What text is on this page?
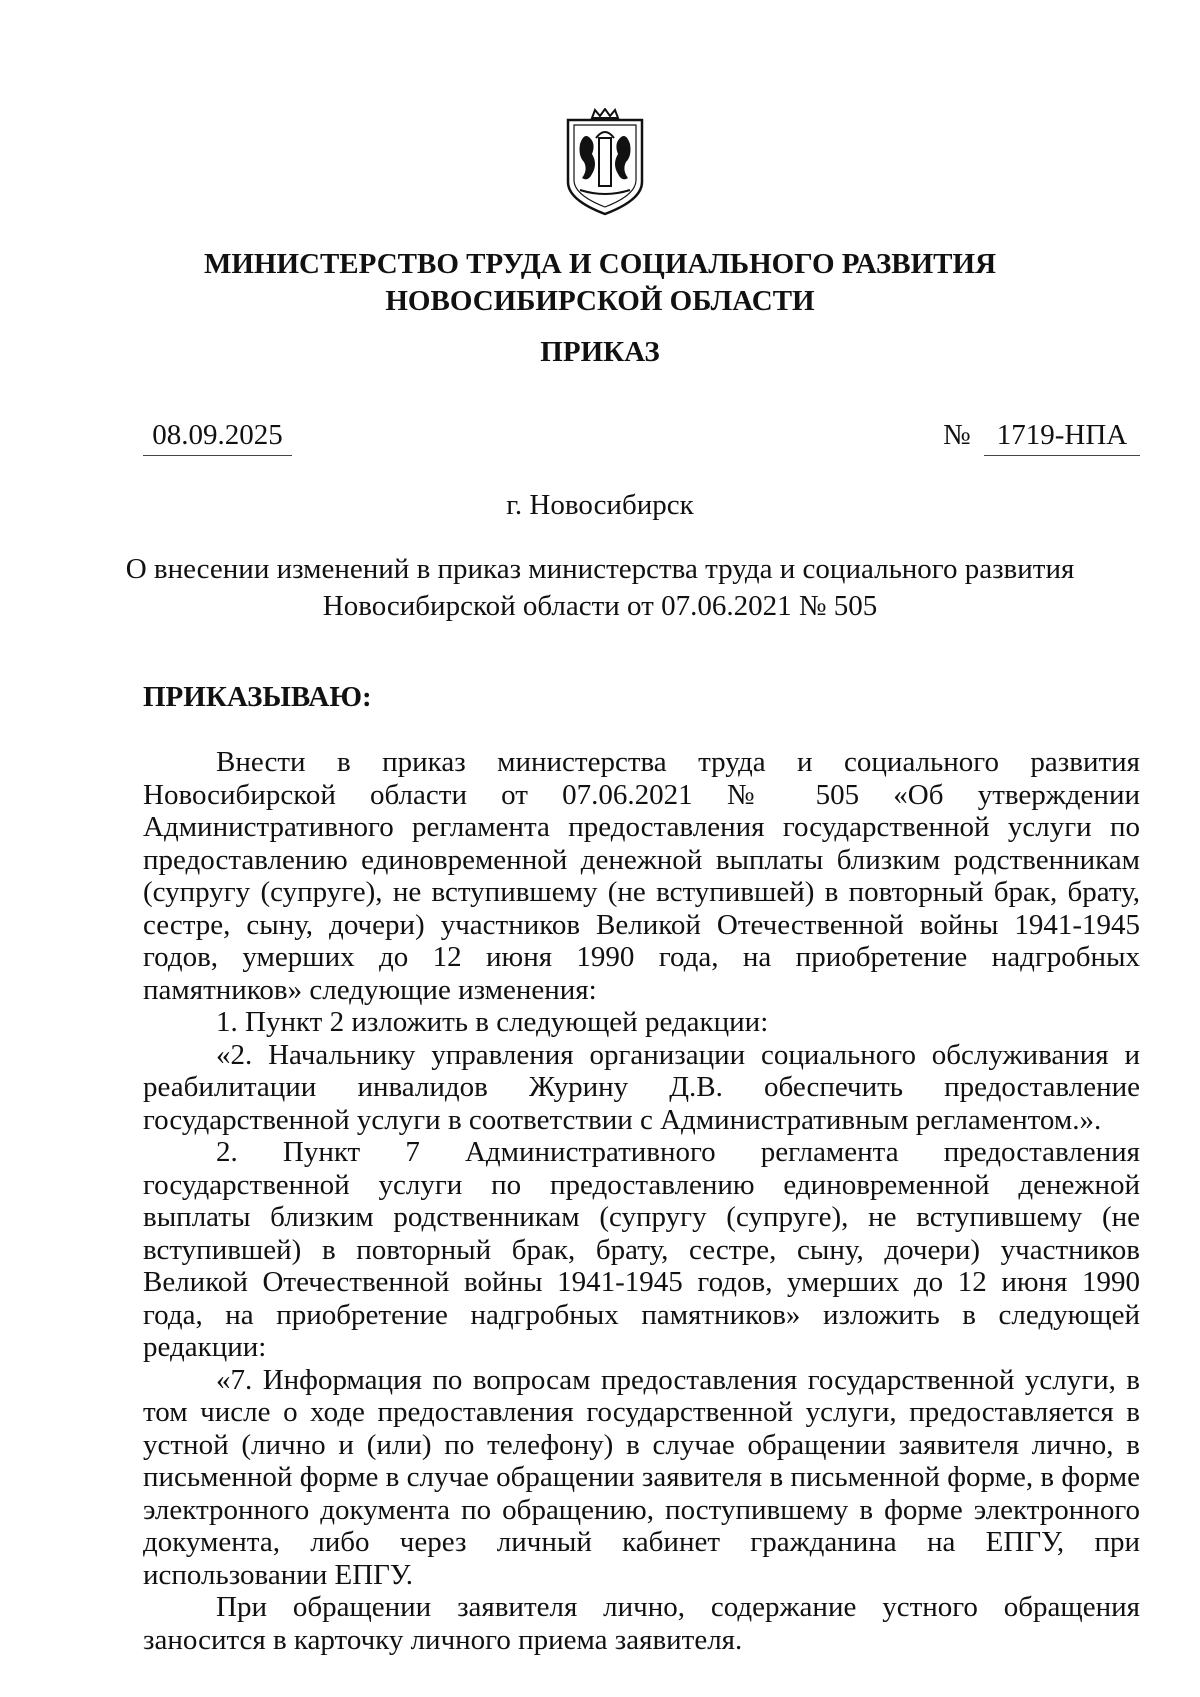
МИНИСТЕРСТВО ТРУДА И СОЦИАЛЬНОГО РАЗВИТИЯ
НОВОСИБИРСКОЙ ОБЛАСТИ
ПРИКАЗ
08.09.2025	№ 1719-НПА
г. Новосибирск
О внесении изменений в приказ министерства труда и социального развития
Новосибирской области от 07.06.2021 № 505
ПРИКАЗЫВАЮ:

Внести в приказ министерства труда и социального развития Новосибирской области от 07.06.2021 № 505 «Об утверждении Административного регламента предоставления государственной услуги по предоставлению единовременной денежной выплаты близким родственникам (супругу (супруге), не вступившему (не вступившей) в повторный брак, брату, сестре, сыну, дочери) участников Великой Отечественной войны 1941-1945 годов, умерших до 12 июня 1990 года, на приобретение надгробных памятников» следующие изменения:

1. Пункт 2 изложить в следующей редакции:

«2. Начальнику управления организации социального обслуживания и реабилитации инвалидов Журину Д.В. обеспечить предоставление государственной услуги в соответствии с Административным регламентом.».

2. Пункт 7 Административного регламента предоставления государственной услуги по предоставлению единовременной денежной выплаты близким родственникам (супругу (супруге), не вступившему (не вступившей) в повторный брак, брату, сестре, сыну, дочери) участников Великой Отечественной войны 1941-1945 годов, умерших до 12 июня 1990 года, на приобретение надгробных памятников» изложить в следующей редакции:

«7. Информация по вопросам предоставления государственной услуги, в том числе о ходе предоставления государственной услуги, предоставляется в устной (лично и (или) по телефону) в случае обращении заявителя лично, в письменной форме в случае обращении заявителя в письменной форме, в форме электронного документа по обращению, поступившему в форме электронного документа, либо через личный кабинет гражданина на ЕПГУ, при использовании ЕПГУ.

При обращении заявителя лично, содержание устного обращения заносится в карточку личного приема заявителя.
